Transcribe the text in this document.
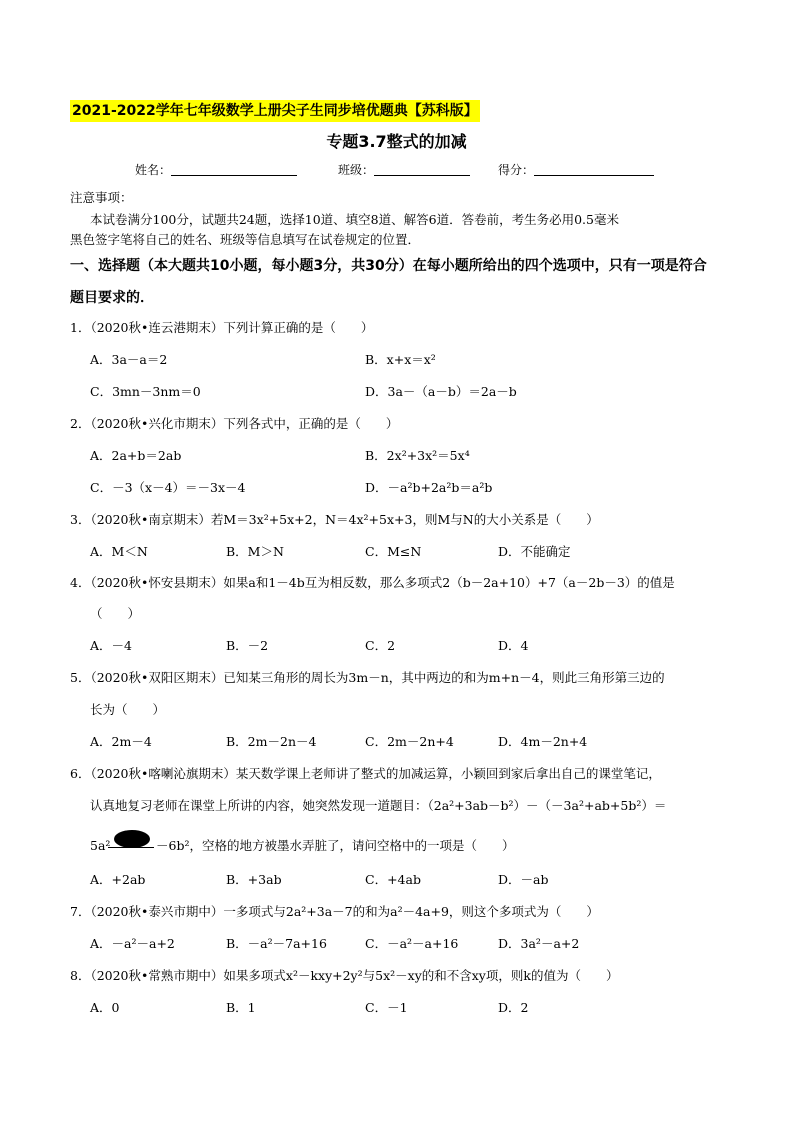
2021-2022学年七年级数学上册尖子生同步培优题典【苏科版】
专题3.7整式的加减
姓名：	班级：	得分：
注意事项：
本试卷满分100分，试题共24题，选择10道、填空8道、解答6道．答卷前，考生务必用0.5毫米
黑色签字笔将自己的姓名、班级等信息填写在试卷规定的位置．
一、选择题（本大题共10小题，每小题3分，共30分）在每小题所给出的四个选项中，只有一项是符合
题目要求的．
1．（2020秋•连云港期末）下列计算正确的是（　　）
A．3a－a＝2	B．x+x＝x²
C．3mn－3nm＝0	D．3a－（a－b）＝2a－b
2．（2020秋•兴化市期末）下列各式中，正确的是（　　）
A．2a+b＝2ab	B．2x²+3x²＝5x⁴
C．－3（x－4）＝－3x－4	D．－a²b+2a²b＝a²b
3．（2020秋•南京期末）若M＝3x²+5x+2，N＝4x²+5x+3，则M与N的大小关系是（　　）
A．M＜N	B．M＞N	C．M≤N	D．不能确定
4．（2020秋•怀安县期末）如果a和1－4b互为相反数，那么多项式2（b－2a+10）+7（a－2b－3）的值是
（　　）
A．－4	B．－2	C．2	D．4
5．（2020秋•双阳区期末）已知某三角形的周长为3m－n，其中两边的和为m+n－4，则此三角形第三边的
长为（　　）
A．2m－4	B．2m－2n－4	C．2m－2n+4	D．4m－2n+4
6．（2020秋•喀喇沁旗期末）某天数学课上老师讲了整式的加减运算，小颖回到家后拿出自己的课堂笔记，
认真地复习老师在课堂上所讲的内容，她突然发现一道题目：（2a²+3ab－b²）－（－3a²+ab+5b²）＝
5a²	－6b²，空格的地方被墨水弄脏了，请问空格中的一项是（　　）
A．+2ab	B．+3ab	C．+4ab	D．－ab
7．（2020秋•泰兴市期中）一多项式与2a²+3a－7的和为a²－4a+9，则这个多项式为（　　）
A．－a²－a+2	B．－a²－7a+16	C．－a²－a+16	D．3a²－a+2
8．（2020秋•常熟市期中）如果多项式x²－kxy+2y²与5x²－xy的和不含xy项，则k的值为（　　）
A．0	B．1	C．－1	D．2
